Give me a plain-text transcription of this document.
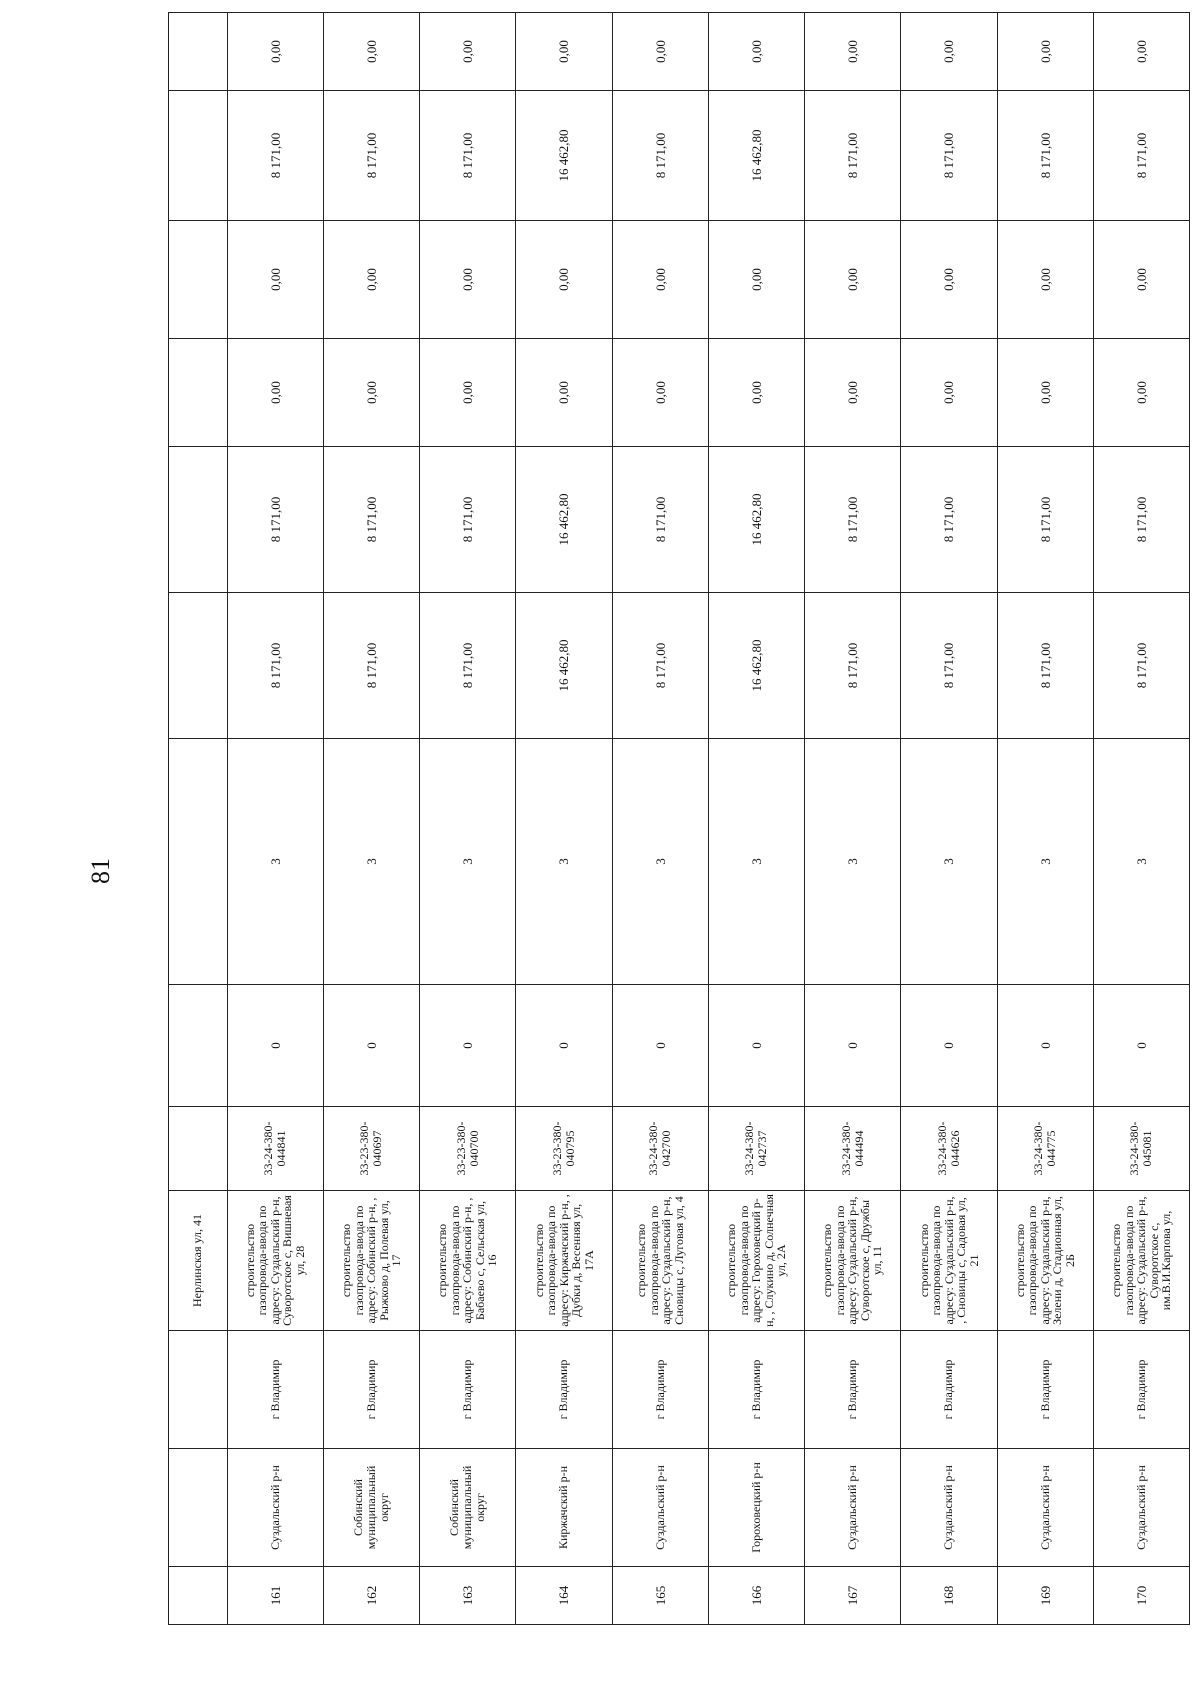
81
			Нерлинская ул, 41									
161	Суздальский р-н	г Владимир	строительство газопровода-ввода по адресу: Суздальский р-н, Суворотское с, Вишневая ул, 28	33-24-380-044841	0	3	8 171,00	8 171,00	0,00	0,00	8 171,00	0,00
162	Собинский муниципальный округ	г Владимир	строительство газопровода-ввода по адресу: Собинский р-н, , Рыжково д, Полевая ул, 17	33-23-380-040697	0	3	8 171,00	8 171,00	0,00	0,00	8 171,00	0,00
163	Собинский муниципальный округ	г Владимир	строительство газопровода-ввода по адресу: Собинский р-н, , Бабаево с, Сельская ул, 16	33-23-380-040700	0	3	8 171,00	8 171,00	0,00	0,00	8 171,00	0,00
164	Киржачский р-н	г Владимир	строительство газопровода-ввода по адресу: Киржачский р-н, , Дубки д, Весенняя ул, 17А	33-23-380-040795	0	3	16 462,80	16 462,80	0,00	0,00	16 462,80	0,00
165	Суздальский р-н	г Владимир	строительство газопровода-ввода по адресу: Суздальский р-н, Сновицы с, Луговая ул, 4	33-24-380-042700	0	3	8 171,00	8 171,00	0,00	0,00	8 171,00	0,00
166	Гороховецкий р-н	г Владимир	строительство газопровода-ввода по адресу: Гороховецкий р-н, , Слукино д, Солнечная ул, 2А	33-24-380-042737	0	3	16 462,80	16 462,80	0,00	0,00	16 462,80	0,00
167	Суздальский р-н	г Владимир	строительство газопровода-ввода по адресу: Суздальский р-н, Суворотское с, Дружбы ул, 11	33-24-380-044494	0	3	8 171,00	8 171,00	0,00	0,00	8 171,00	0,00
168	Суздальский р-н	г Владимир	строительство газопровода-ввода по адресу: Суздальский р-н, , Сновицы с, Садовая ул, 21	33-24-380-044626	0	3	8 171,00	8 171,00	0,00	0,00	8 171,00	0,00
169	Суздальский р-н	г Владимир	строительство газопровода-ввода по адресу: Суздальский р-н, Зелени д, Стадионная ул, 2Б	33-24-380-044775	0	3	8 171,00	8 171,00	0,00	0,00	8 171,00	0,00
170	Суздальский р-н	г Владимир	строительство газопровода-ввода по адресу: Суздальский р-н, Суворотское с, им.В.И.Карпова ул,	33-24-380-045081	0	3	8 171,00	8 171,00	0,00	0,00	8 171,00	0,00
